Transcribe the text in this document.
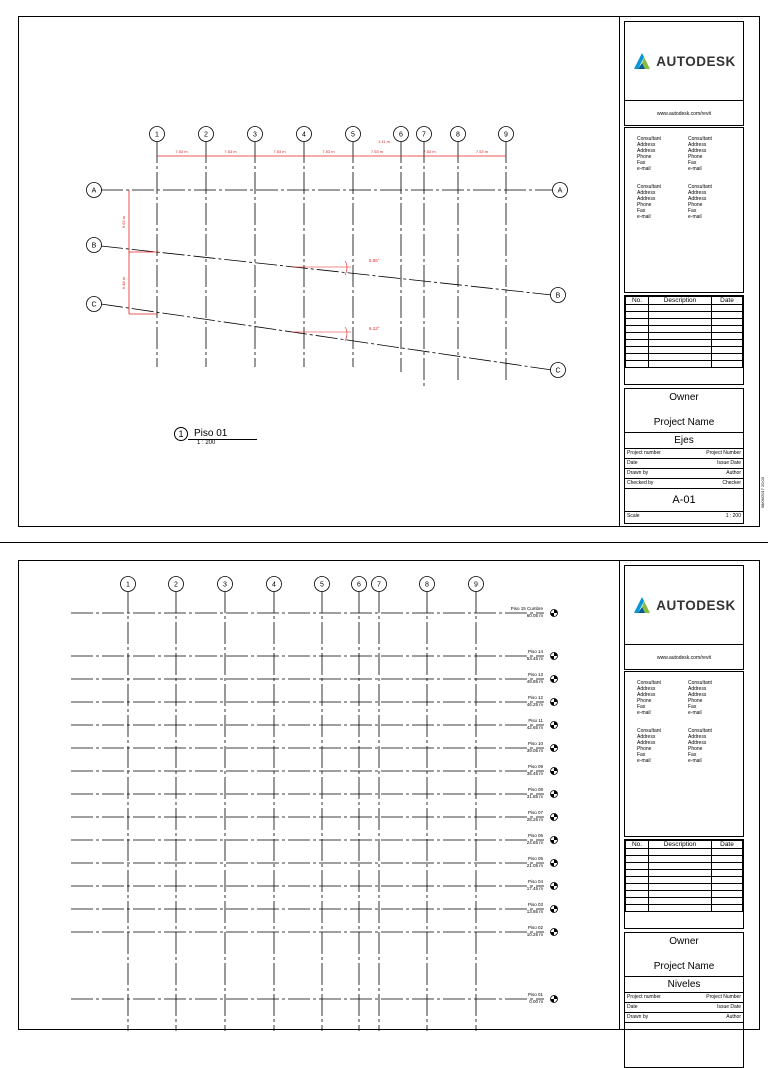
1	2	3	4	5	6	7	8	9
A	A
B
B
C
C
7.53 m	7.53 m	7.53 m	7.53 m	7.53 m	7.53 m	7.53 m
1.11 m
6.63 m
6.48 m
6.06°
6.13°
1	Piso 01
1 : 200
AUTODESK
www.autodesk.com/revit
Consultant
Address
Address
Phone
Fax
e-mail
Consultant
Address
Address
Phone
Fax
e-mail
Consultant
Address
Address
Phone
Fax
e-mail
Consultant
Address
Address
Phone
Fax
e-mail
No.	Description	Date

Owner
Project Name
Ejes
Project number	Project Number
Date	Issue Date
Drawn by	Author
Checked by	Checker
A-01
Scale	1 : 200
08/06/2017 20:03
1	2	3	4	5	6 7	8	9
Piso 15 Cumbre
60.05 m
Piso 14
53.45 m
Piso 13
49.85 m
Piso 12
46.25 m
Piso 11
42.65 m
Piso 10
39.05 m
Piso 09
35.45 m
Piso 08
31.85 m
Piso 07
28.25 m
Piso 06
24.65 m
Piso 05
21.05 m
Piso 04
17.45 m
Piso 03
13.85 m
Piso 02
10.25 m
Piso 01
0.00 m
AUTODESK
www.autodesk.com/revit
Consultant
Address
Address
Phone
Fax
e-mail
Consultant
Address
Address
Phone
Fax
e-mail
Consultant
Address
Address
Phone
Fax
e-mail
Consultant
Address
Address
Phone
Fax
e-mail
No.	Description	Date

Owner
Project Name
Niveles
Project number	Project Number
Date	Issue Date
Drawn by	Author
